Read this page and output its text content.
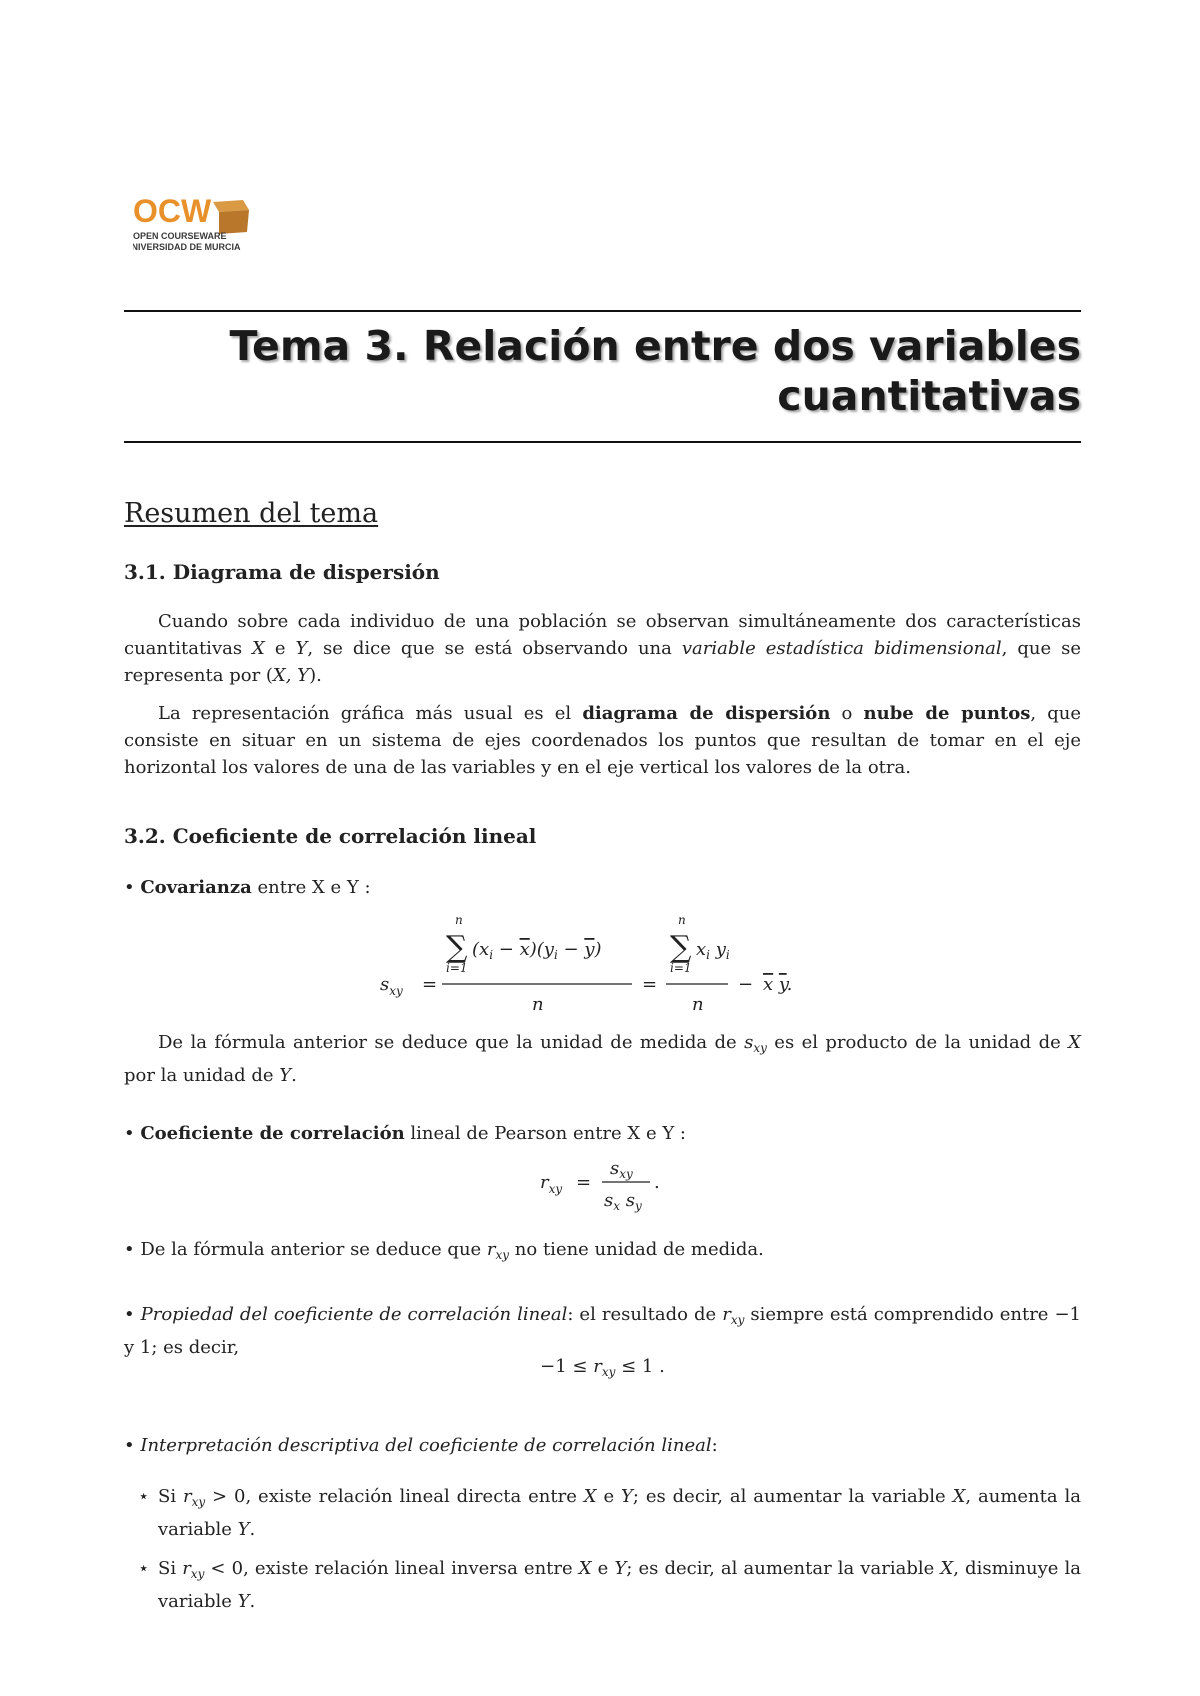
OCW
OPEN COURSEWARE
UNIVERSIDAD DE MURCIA
Tema 3. Relación entre dos variables
cuantitativas
Resumen del tema
3.1. Diagrama de dispersión
Cuando sobre cada individuo de una población se observan simultáneamente dos características cuantitativas X e Y, se dice que se está observando una variable estadística bidimensional, que se representa por (X, Y).
La representación gráfica más usual es el diagrama de dispersión o nube de puntos, que consiste en situar en un sistema de ejes coordenados los puntos que resultan de tomar en el eje horizontal los valores de una de las variables y en el eje vertical los valores de la otra.
3.2. Coeficiente de correlación lineal
• Covarianza entre X e Y :
$s_{xy}$ =
n
∑
i=1
$(x_i - x)(y_i - y)$
n
=
n
∑
i=1
$x_i$ $y_i$
n
− x y.
De la fórmula anterior se deduce que la unidad de medida de $s_{xy}$ es el producto de la unidad de X por la unidad de Y.
• Coeficiente de correlación lineal de Pearson entre X e Y :
$r_{xy}$ =
$s_{xy}$
$s_x$ $s_y$
.
• De la fórmula anterior se deduce que $r_{xy}$ no tiene unidad de medida.
• Propiedad del coeficiente de correlación lineal: el resultado de $r_{xy}$ siempre está comprendido entre −1 y 1; es decir,
$-1 \le r_{xy} \le 1$ .
• Interpretación descriptiva del coeficiente de correlación lineal:
⋆ Si $r_{xy} > 0$, existe relación lineal directa entre X e Y; es decir, al aumentar la variable X, aumenta la variable Y.
⋆ Si $r_{xy} < 0$, existe relación lineal inversa entre X e Y; es decir, al aumentar la variable X, disminuye la variable Y.
